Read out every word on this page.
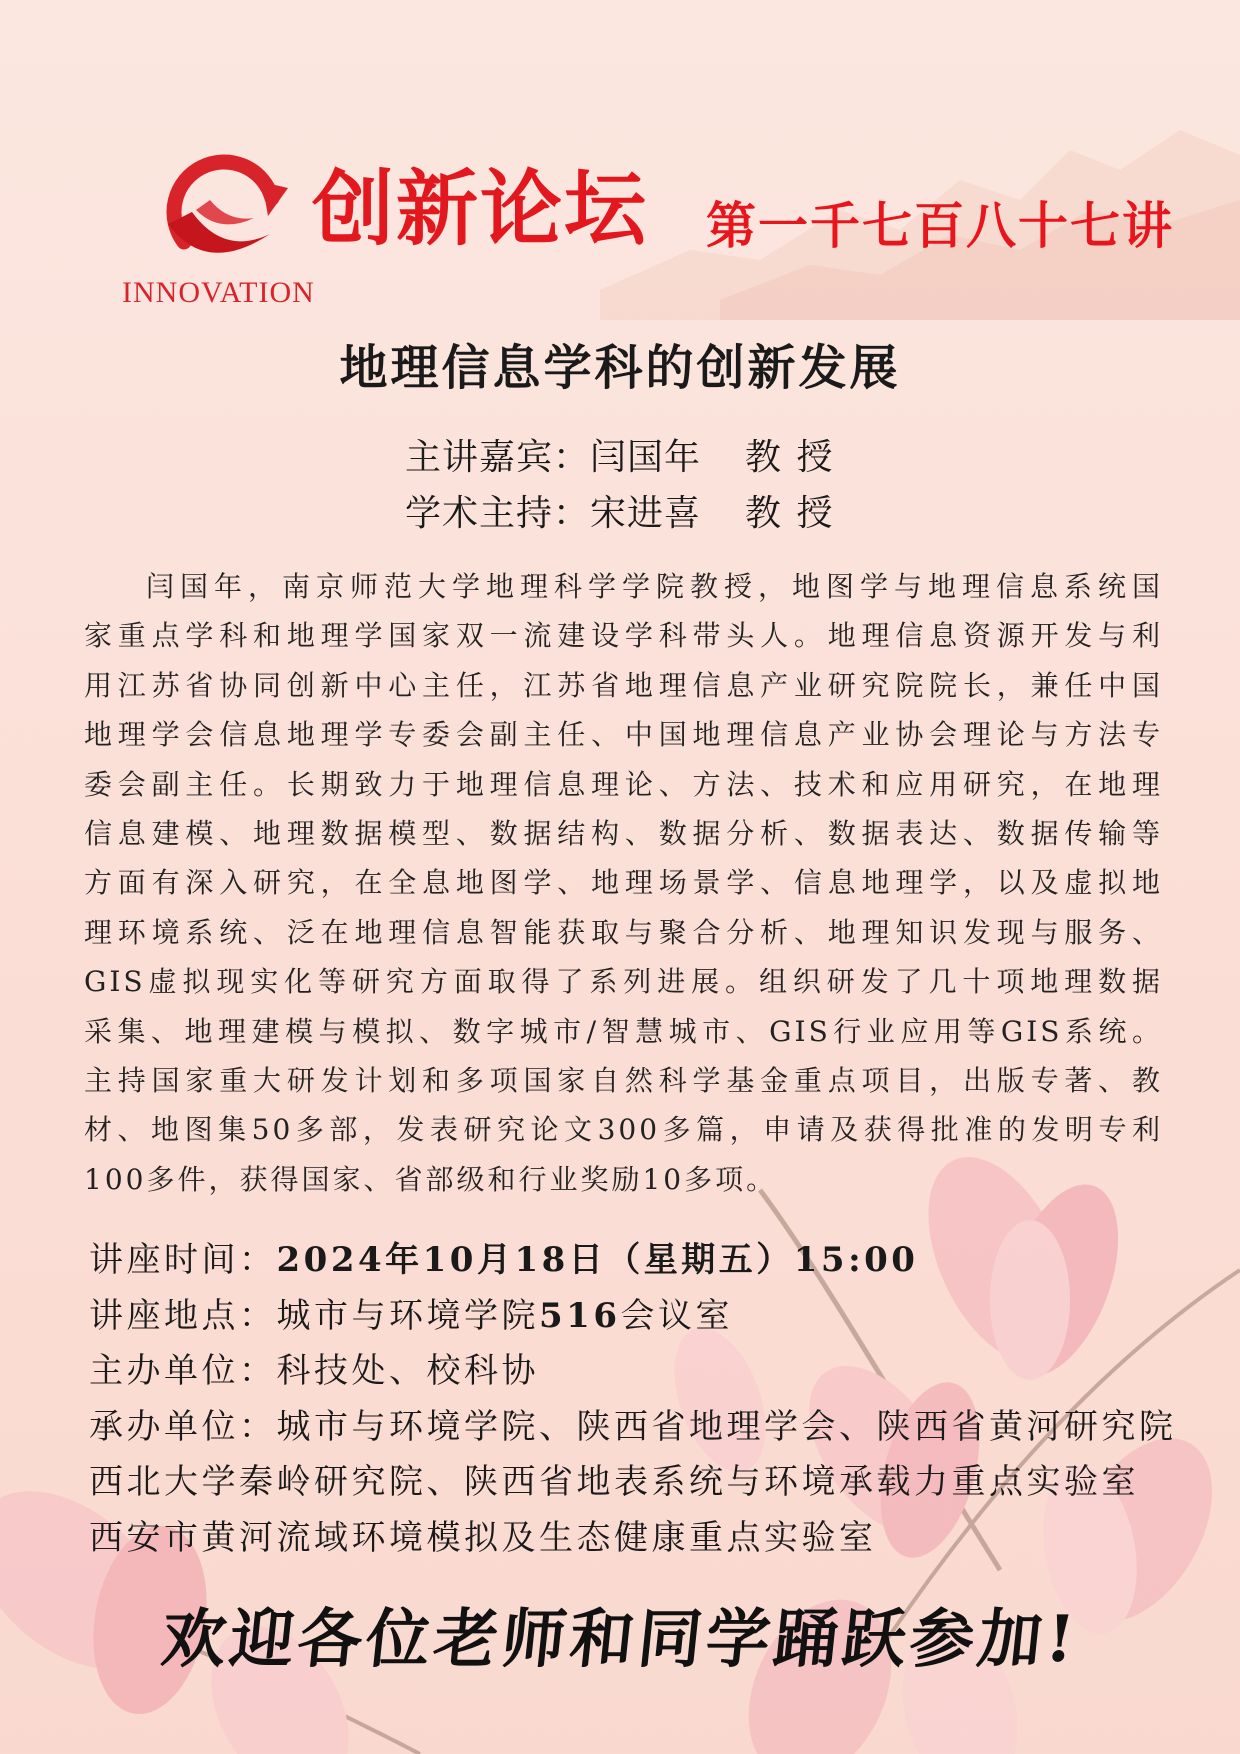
INNOVATION
创新论坛 第一千七百八十七讲
地理信息学科的创新发展
主讲嘉宾：闫国年 教 授
学术主持：宋进喜 教 授
闫国年，南京师范大学地理科学学院教授，地图学与地理信息系统国
家重点学科和地理学国家双一流建设学科带头人。地理信息资源开发与利
用江苏省协同创新中心主任，江苏省地理信息产业研究院院长，兼任中国
地理学会信息地理学专委会副主任、中国地理信息产业协会理论与方法专
委会副主任。长期致力于地理信息理论、方法、技术和应用研究，在地理
信息建模、地理数据模型、数据结构、数据分析、数据表达、数据传输等
方面有深入研究，在全息地图学、地理场景学、信息地理学，以及虚拟地
理环境系统、泛在地理信息智能获取与聚合分析、地理知识发现与服务、
GIS虚拟现实化等研究方面取得了系列进展。组织研发了几十项地理数据
采集、地理建模与模拟、数字城市/智慧城市、GIS行业应用等GIS系统。
主持国家重大研发计划和多项国家自然科学基金重点项目，出版专著、教
材、地图集50多部，发表研究论文300多篇，申请及获得批准的发明专利
100多件，获得国家、省部级和行业奖励10多项。
讲座时间：2024年10月18日（星期五）15:00
讲座地点：城市与环境学院516会议室
主办单位：科技处、校科协
承办单位：城市与环境学院、陕西省地理学会、陕西省黄河研究院
西北大学秦岭研究院、陕西省地表系统与环境承载力重点实验室
西安市黄河流域环境模拟及生态健康重点实验室
欢迎各位老师和同学踊跃参加!
